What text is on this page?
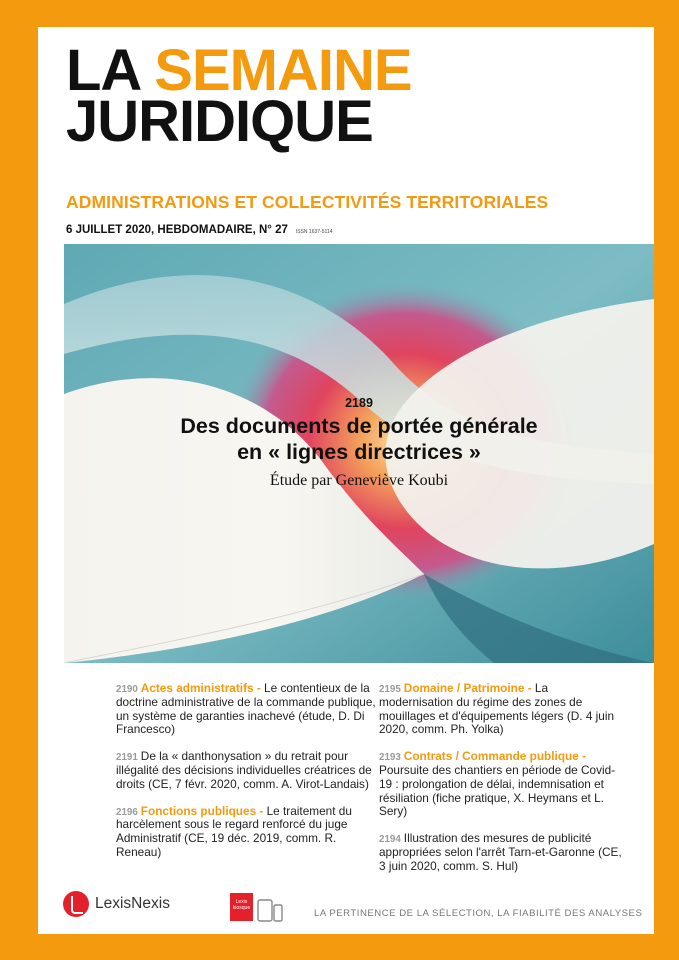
LA SEMAINE
JURIDIQUE
ADMINISTRATIONS ET COLLECTIVITÉS TERRITORIALES
6 JUILLET 2020, HEBDOMADAIRE, N° 27 ISSN 1637-5114
2189
Des documents de portée générale
en « lignes directrices »
Étude par Geneviève Koubi
2190 Actes administratifs - Le contentieux de la doctrine administrative de la commande publique, un système de garanties inachevé (étude, D. Di Francesco)
2191 De la « danthonysation » du retrait pour illégalité des décisions individuelles créatrices de droits (CE, 7 févr. 2020, comm. A. Virot-Landais)
2196 Fonctions publiques - Le traitement du harcèlement sous le regard renforcé du juge Administratif (CE, 19 déc. 2019, comm. R. Reneau)
2195 Domaine / Patrimoine - La modernisation du régime des zones de mouillages et d'équipements légers (D. 4 juin 2020, comm. Ph. Yolka)
2193 Contrats / Commande publique - Poursuite des chantiers en période de Covid-19 : prolongation de délai, indemnisation et résiliation (fiche pratique, X. Heymans et L. Sery)
2194 Illustration des mesures de publicité appropriées selon l'arrêt Tarn-et-Garonne (CE, 3 juin 2020, comm. S. Hul)
LexisNexis	Lexis
kiosque
LA PERTINENCE DE LA SÉLECTION, LA FIABILITÉ DES ANALYSES
